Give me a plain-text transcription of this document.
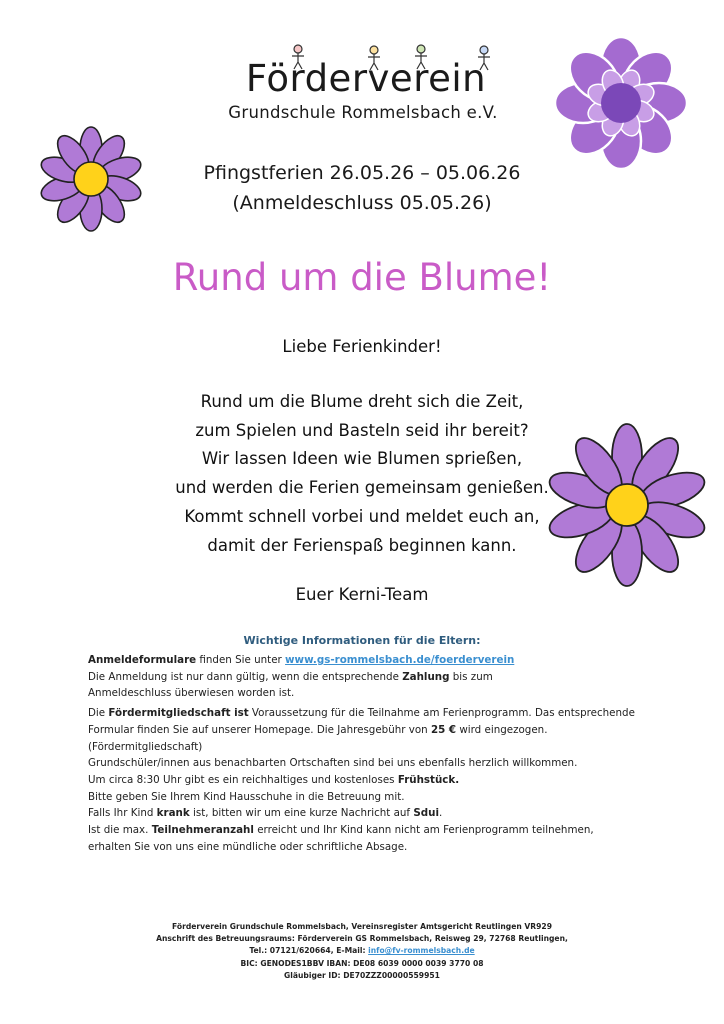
Förderverein
Grundschule Rommelsbach e.V.
Pfingstferien 26.05.26 – 05.06.26
(Anmeldeschluss 05.05.26)
Rund um die Blume!
Liebe Ferienkinder!
Rund um die Blume dreht sich die Zeit,
zum Spielen und Basteln seid ihr bereit?
Wir lassen Ideen wie Blumen sprießen,
und werden die Ferien gemeinsam genießen.
Kommt schnell vorbei und meldet euch an,
damit der Ferienspaß beginnen kann.
Euer Kerni-Team
Wichtige Informationen für die Eltern:
Anmeldeformulare finden Sie unter www.gs-rommelsbach.de/foerderverein
Die Anmeldung ist nur dann gültig, wenn die entsprechende Zahlung bis zum
Anmeldeschluss überwiesen worden ist.
Die Fördermitgliedschaft ist Voraussetzung für die Teilnahme am Ferienprogramm. Das entsprechende
Formular finden Sie auf unserer Homepage. Die Jahresgebühr von 25 € wird eingezogen.
(Fördermitgliedschaft)
Grundschüler/innen aus benachbarten Ortschaften sind bei uns ebenfalls herzlich willkommen.
Um circa 8:30 Uhr gibt es ein reichhaltiges und kostenloses Frühstück.
Bitte geben Sie Ihrem Kind Hausschuhe in die Betreuung mit.
Falls Ihr Kind krank ist, bitten wir um eine kurze Nachricht auf Sdui.
Ist die max. Teilnehmeranzahl erreicht und Ihr Kind kann nicht am Ferienprogramm teilnehmen,
erhalten Sie von uns eine mündliche oder schriftliche Absage.
Förderverein Grundschule Rommelsbach, Vereinsregister Amtsgericht Reutlingen VR929
Anschrift des Betreuungsraums: Förderverein GS Rommelsbach, Reisweg 29, 72768 Reutlingen,
Tel.: 07121/620664, E-Mail: info@fv-rommelsbach.de
BIC: GENODES1BBV IBAN: DE08 6039 0000 0039 3770 08
Gläubiger ID: DE70ZZZ00000559951
